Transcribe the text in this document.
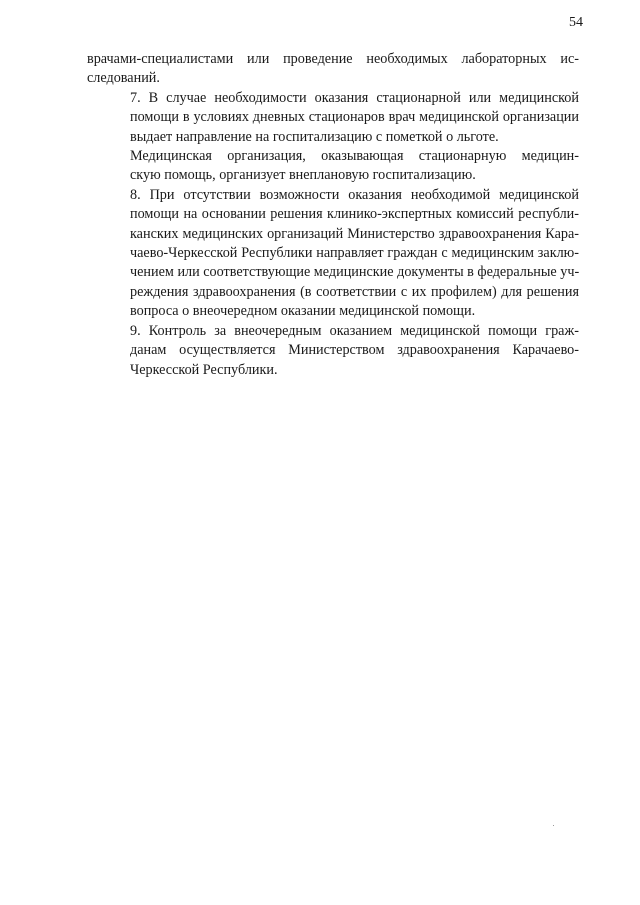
54

врачами-специалистами или проведение необходимых лабораторных ис-
следований.

7. В случае необходимости оказания стационарной или медицинской
помощи в условиях дневных стационаров врач медицинской организации
выдает направление на госпитализацию с пометкой о льготе.

Медицинская организация, оказывающая стационарную медицин-
скую помощь, организует внеплановую госпитализацию.

8. При отсутствии возможности оказания необходимой медицинской
помощи на основании решения клинико-экспертных комиссий республи-
канских медицинских организаций Министерство здравоохранения Кара-
чаево-Черкесской Республики направляет граждан с медицинским заклю-
чением или соответствующие медицинские документы в федеральные уч-
реждения здравоохранения (в соответствии с их профилем) для решения
вопроса о внеочередном оказании медицинской помощи.

9. Контроль за внеочередным оказанием медицинской помощи граж-
данам осуществляется Министерством здравоохранения Карачаево-
Черкесской Республики.
